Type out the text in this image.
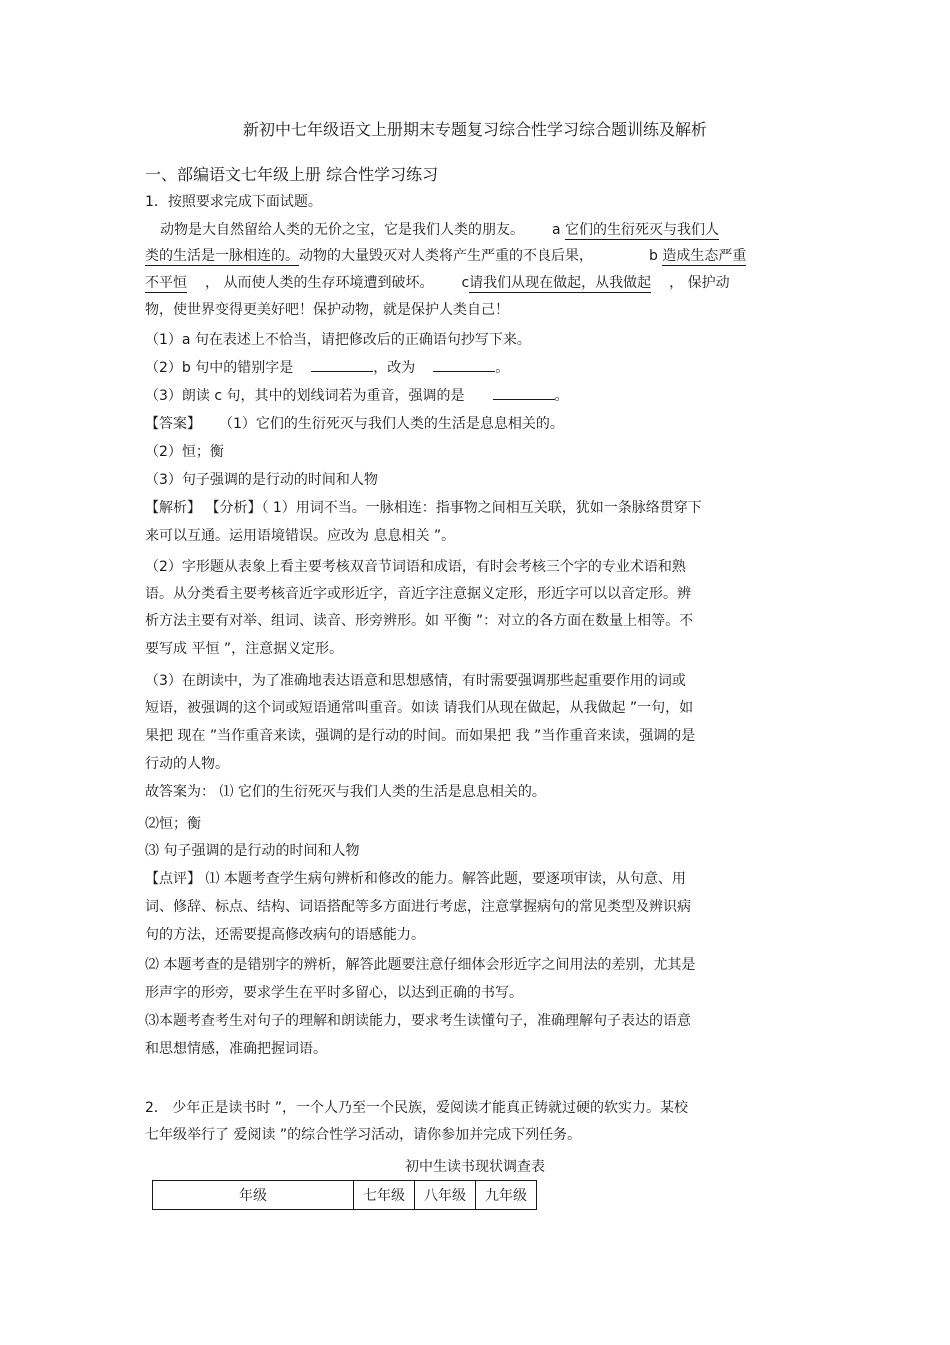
新初中七年级语文上册期末专题复习综合性学习综合题训练及解析
一、部编语文七年级上册 综合性学习练习
1．按照要求完成下面试题。
动物是大自然留给人类的无价之宝，它是我们人类的朋友。 a 它们的生衍死灭与我们人
类的生活是一脉相连的。动物的大量毁灭对人类将产生严重的不良后果，	b 造成生态严重
不平恒 ， 从而使人类的生存环境遭到破坏。 c请我们从现在做起，从我做起 ， 保护动
物，使世界变得更美好吧！保护动物，就是保护人类自己！
（1）a 句在表述上不恰当，请把修改后的正确语句抄写下来。
（2）b 句中的错别字是	，改为	。
（3）朗读 c 句，其中的划线词若为重音，强调的是	。
【答案】 （1）它们的生衍死灭与我们人类的生活是息息相关的。
（2）恒；衡
（3）句子强调的是行动的时间和人物
【解析】 【分析】（ 1）用词不当。一脉相连：指事物之间相互关联，犹如一条脉络贯穿下
来可以互通。运用语境错误。应改为 息息相关 ”。
（2）字形题从表象上看主要考核双音节词语和成语，有时会考核三个字的专业术语和熟
语。从分类看主要考核音近字或形近字，音近字注意据义定形，形近字可以以音定形。辨
析方法主要有对举、组词、读音、形旁辨形。如 平衡 ”：对立的各方面在数量上相等。不
要写成 平恒 ”，注意据义定形。
（3）在朗读中，为了准确地表达语意和思想感情，有时需要强调那些起重要作用的词或
短语，被强调的这个词或短语通常叫重音。如读 请我们从现在做起，从我做起 ”一句，如
果把 现在 ”当作重音来读，强调的是行动的时间。而如果把 我 ”当作重音来读，强调的是
行动的人物。
故答案为： ⑴ 它们的生衍死灭与我们人类的生活是息息相关的。
⑵恒；衡
⑶ 句子强调的是行动的时间和人物
【点评】 ⑴ 本题考查学生病句辨析和修改的能力。解答此题，要逐项审读，从句意、用
词、修辞、标点、结构、词语搭配等多方面进行考虑，注意掌握病句的常见类型及辨识病
句的方法，还需要提高修改病句的语感能力。
⑵ 本题考查的是错别字的辨析，解答此题要注意仔细体会形近字之间用法的差别，尤其是
形声字的形旁，要求学生在平时多留心，以达到正确的书写。
⑶本题考查考生对句子的理解和朗读能力，要求考生读懂句子，准确理解句子表达的语意
和思想情感，准确把握词语。
2． 少年正是读书时 ”，一个人乃至一个民族，爱阅读才能真正铸就过硬的软实力。某校
七年级举行了 爱阅读 ”的综合性学习活动，请你参加并完成下列任务。
初中生读书现状调查表
年级	七年级	八年级	九年级
